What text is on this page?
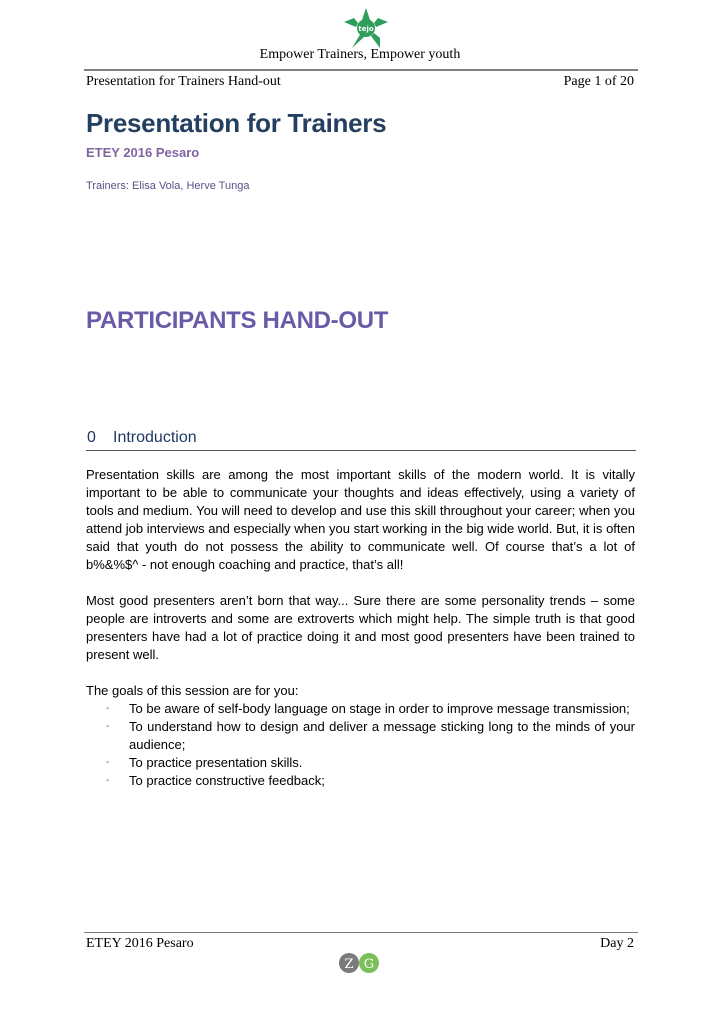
tejo
Empower Trainers, Empower youth
Presentation for Trainers Hand-out	Page 1 of 20
Presentation for Trainers
ETEY 2016 Pesaro
Trainers: Elisa Vola, Herve Tunga
PARTICIPANTS HAND-OUT
0 Introduction
Presentation skills are among the most important skills of the modern world. It is vitally important to be able to communicate your thoughts and ideas effectively, using a variety of tools and medium. You will need to develop and use this skill throughout your career; when you attend job interviews and especially when you start working in the big wide world. But, it is often said that youth do not possess the ability to communicate well. Of course that’s a lot of b%&%$^ - not enough coaching and practice, that’s all!
Most good presenters aren’t born that way... Sure there are some personality trends – some people are introverts and some are extroverts which might help. The simple truth is that good presenters have had a lot of practice doing it and most good presenters have been trained to present well.
The goals of this session are for you:
- To be aware of self-body language on stage in order to improve message transmission;
- To understand how to design and deliver a message sticking long to the minds of your audience;
- To practice presentation skills.
- To practice constructive feedback;
ETEY 2016 Pesaro	Day 2
Z G
